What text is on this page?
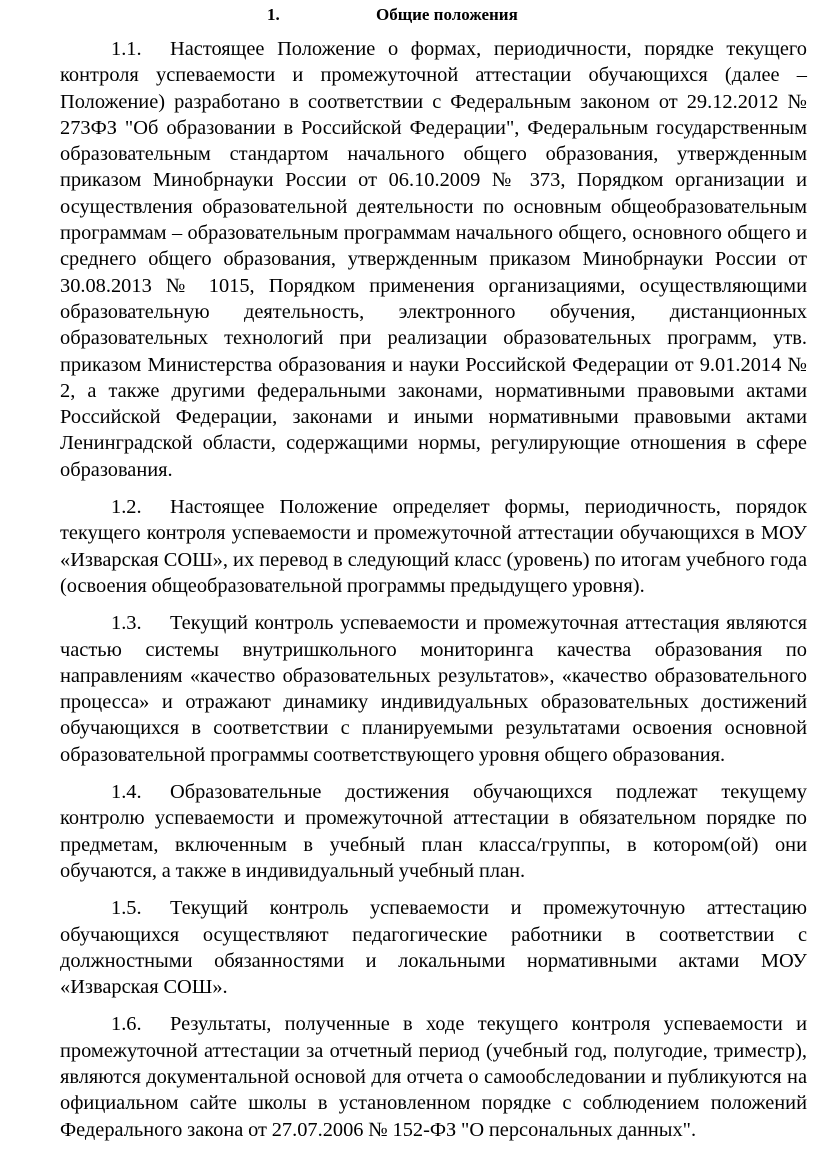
1.	Общие положения

1.1. Настоящее Положение о формах, периодичности, порядке текущего контроля успеваемости и промежуточной аттестации обучающихся (далее – Положение) разработано в соответствии с Федеральным законом от 29.12.2012 № 273ФЗ "Об образовании в Российской Федерации", Федеральным государственным образовательным стандартом начального общего образования, утвержденным приказом Минобрнауки России от 06.10.2009 № 373, Порядком организации и осуществления образовательной деятельности по основным общеобразовательным программам – образовательным программам начального общего, основного общего и среднего общего образования, утвержденным приказом Минобрнауки России от 30.08.2013 № 1015, Порядком применения организациями, осуществляющими образовательную деятельность, электронного обучения, дистанционных образовательных технологий при реализации образовательных программ, утв. приказом Министерства образования и науки Российской Федерации от 9.01.2014 № 2, а также другими федеральными законами, нормативными правовыми актами Российской Федерации, законами и иными нормативными правовыми актами Ленинградской области, содержащими нормы, регулирующие отношения в сфере образования.

1.2. Настоящее Положение определяет формы, периодичность, порядок текущего контроля успеваемости и промежуточной аттестации обучающихся в МОУ «Изварская СОШ», их перевод в следующий класс (уровень) по итогам учебного года (освоения общеобразовательной программы предыдущего уровня).

1.3. Текущий контроль успеваемости и промежуточная аттестация являются частью системы внутришкольного мониторинга качества образования по направлениям «качество образовательных результатов», «качество образовательного процесса» и отражают динамику индивидуальных образовательных достижений обучающихся в соответствии с планируемыми результатами освоения основной образовательной программы соответствующего уровня общего образования.

1.4. Образовательные достижения обучающихся подлежат текущему контролю успеваемости и промежуточной аттестации в обязательном порядке по предметам, включенным в учебный план класса/группы, в котором(ой) они обучаются, а также в индивидуальный учебный план.

1.5. Текущий контроль успеваемости и промежуточную аттестацию обучающихся осуществляют педагогические работники в соответствии с должностными обязанностями и локальными нормативными актами МОУ «Изварская СОШ».

1.6. Результаты, полученные в ходе текущего контроля успеваемости и промежуточной аттестации за отчетный период (учебный год, полугодие, триместр), являются документальной основой для отчета о самообследовании и публикуются на официальном сайте школы в установленном порядке с соблюдением положений Федерального закона от 27.07.2006 № 152-ФЗ "О персональных данных".
